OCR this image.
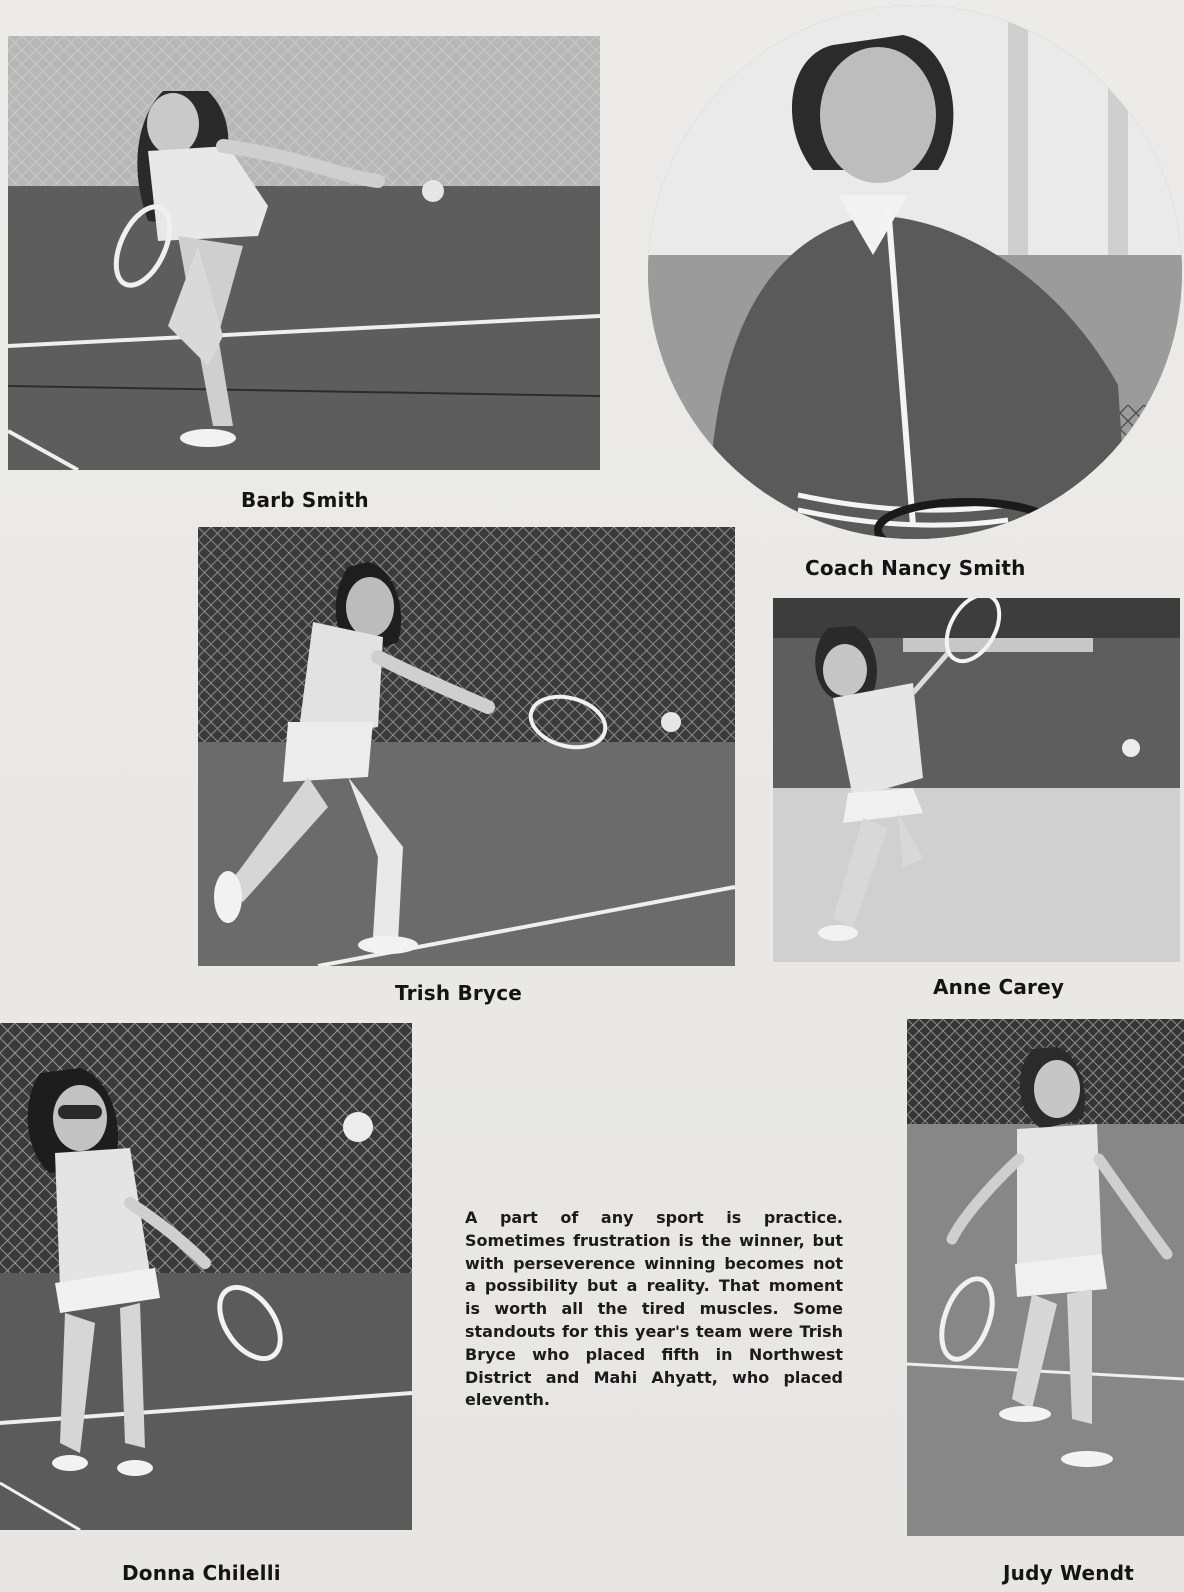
Barb Smith
Coach Nancy Smith
Trish Bryce	Anne Carey
Donna Chilelli	Judy Wendt
A part of any sport is practice. Sometimes frustration is the winner, but with perseverence winning becomes not a possibility but a reality. That moment is worth all the tired muscles. Some standouts for this year's team were Trish Bryce who placed fifth in Northwest District and Mahi Ahyatt, who placed eleventh.
